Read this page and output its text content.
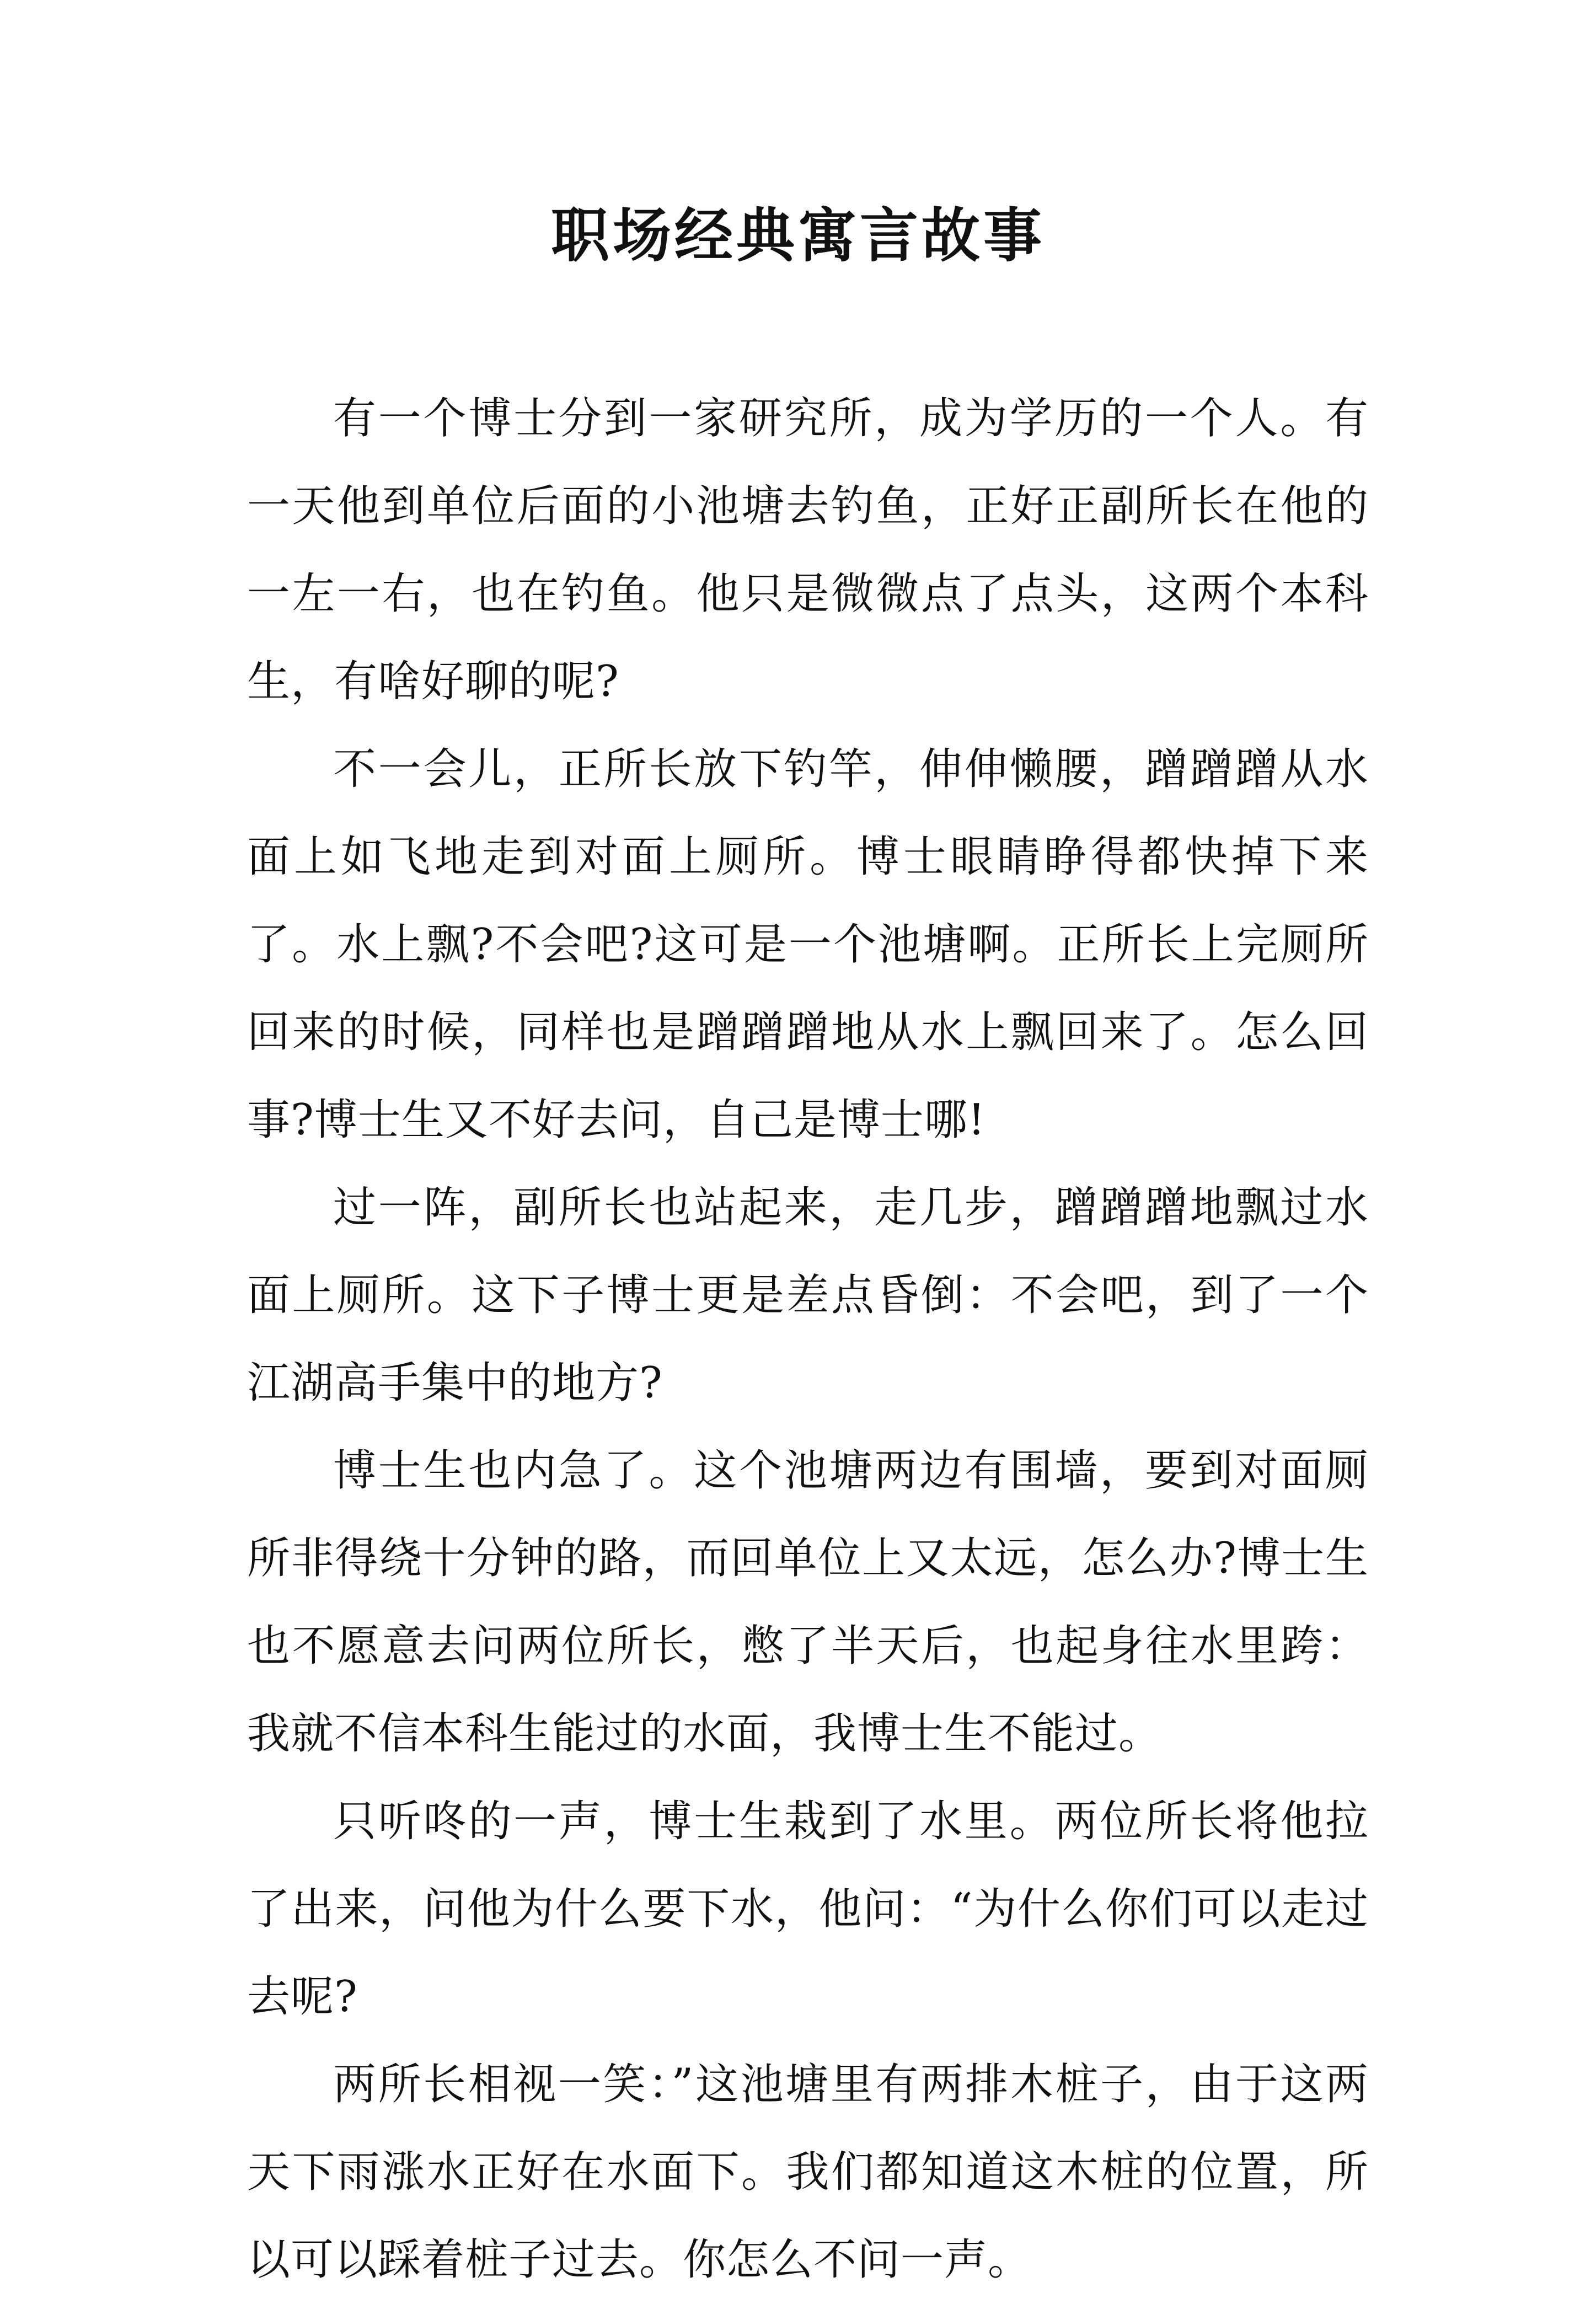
职场经典寓言故事

有一个博士分到一家研究所，成为学历的一个人。有一天他到单位后面的小池塘去钓鱼，正好正副所长在他的一左一右，也在钓鱼。他只是微微点了点头，这两个本科生，有啥好聊的呢?

不一会儿，正所长放下钓竿，伸伸懒腰，蹭蹭蹭从水面上如飞地走到对面上厕所。博士眼睛睁得都快掉下来了。水上飘?不会吧?这可是一个池塘啊。正所长上完厕所回来的时候，同样也是蹭蹭蹭地从水上飘回来了。怎么回事?博士生又不好去问，自己是博士哪!

过一阵，副所长也站起来，走几步，蹭蹭蹭地飘过水面上厕所。这下子博士更是差点昏倒：不会吧，到了一个江湖高手集中的地方?

博士生也内急了。这个池塘两边有围墙，要到对面厕所非得绕十分钟的路，而回单位上又太远，怎么办?博士生也不愿意去问两位所长，憋了半天后，也起身往水里跨：我就不信本科生能过的水面，我博士生不能过。

只听咚的一声，博士生栽到了水里。两位所长将他拉了出来，问他为什么要下水，他问：“为什么你们可以走过去呢?

两所长相视一笑：”这池塘里有两排木桩子，由于这两天下雨涨水正好在水面下。我们都知道这木桩的位置，所以可以踩着桩子过去。你怎么不问一声。
